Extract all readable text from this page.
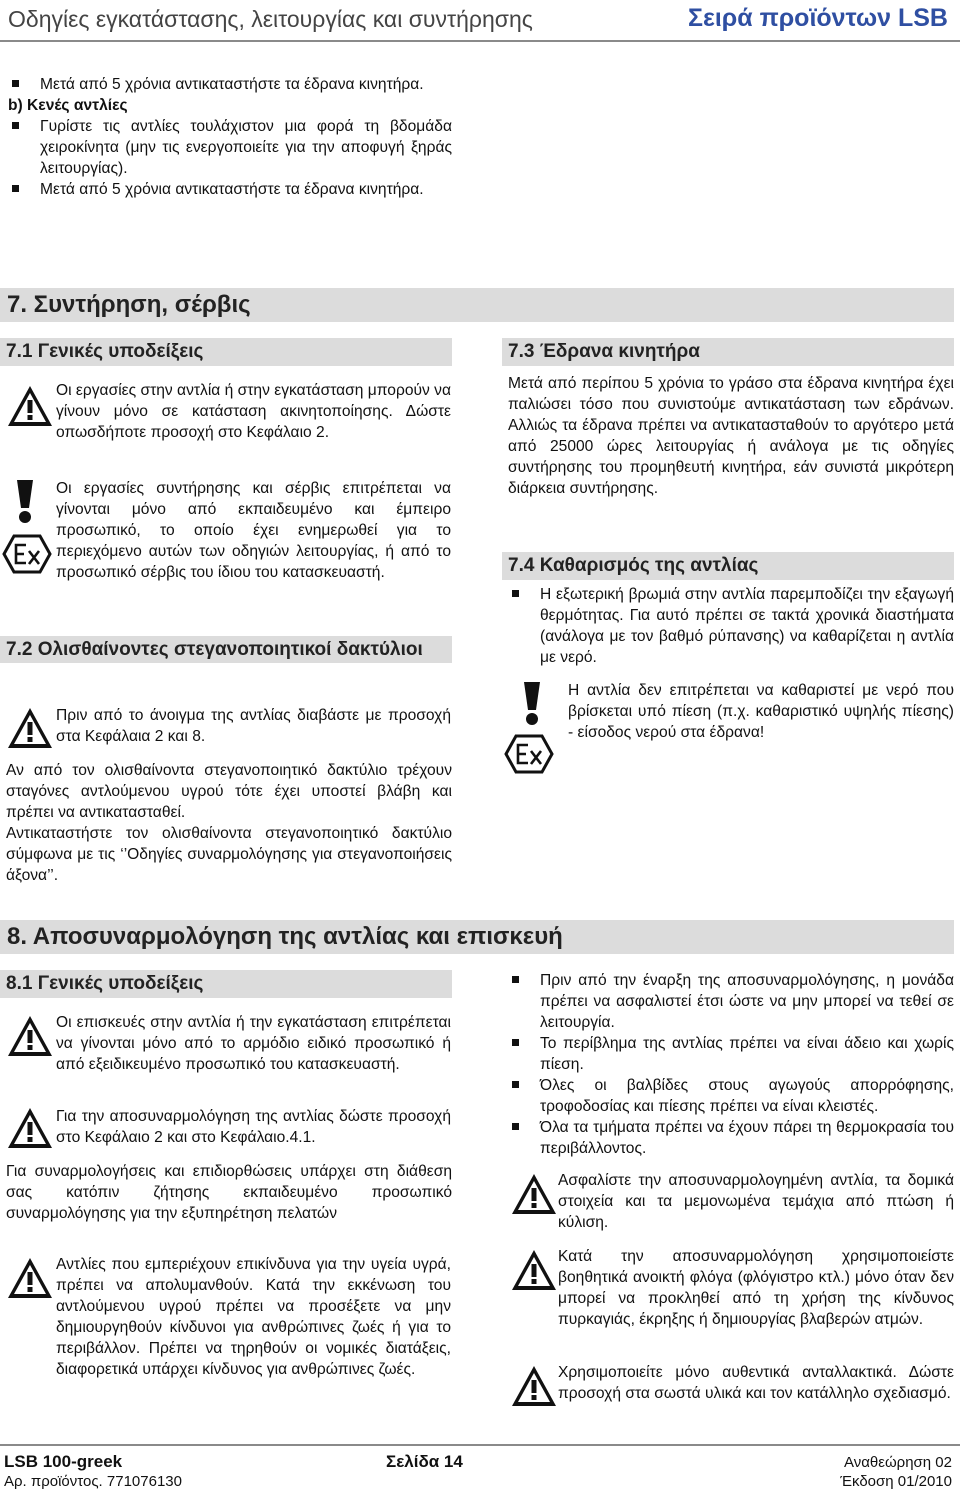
Οδηγίες εγκατάστασης, λειτουργίας και συντήρησης	Σειρά προϊόντων LSB
Μετά από 5 χρόνια αντικαταστήστε τα έδρανα κινητήρα.
b) Κενές αντλίες
Γυρίστε τις αντλίες τουλάχιστον μια φορά τη βδομάδα χειροκίνητα (μην τις ενεργοποιείτε για την αποφυγή ξηράς λειτουργίας).
Μετά από 5 χρόνια αντικαταστήστε τα έδρανα κινητήρα.
7. Συντήρηση, σέρβις
7.1 Γενικές υποδείξεις
Οι εργασίες στην αντλία ή στην εγκατάσταση μπορούν να γίνουν μόνο σε κατάσταση ακινητοποίησης. Δώστε οπωσδήποτε προσοχή στο Κεφάλαιο 2.
Οι εργασίες συντήρησης και σέρβις επιτρέπεται να γίνονται μόνο από εκπαιδευμένο και έμπειρο προσωπικό, το οποίο έχει ενημερωθεί για το περιεχόμενο αυτών των οδηγιών λειτουργίας, ή από το προσωπικό σέρβις του ίδιου του κατασκευαστή.
7.2 Ολισθαίνοντες στεγανοποιητικοί δακτύλιοι
Πριν από το άνοιγμα της αντλίας διαβάστε με προσοχή στα Κεφάλαια 2 και 8.
Αν από τον ολισθαίνοντα στεγανοποιητικό δακτύλιο τρέχουν σταγόνες αντλούμενου υγρού τότε έχει υποστεί βλάβη και πρέπει να αντικατασταθεί.
Αντικαταστήστε τον ολισθαίνοντα στεγανοποιητικό δακτύλιο σύμφωνα με τις ‘’Οδηγίες συναρμολόγησης για στεγανοποιήσεις άξονα’’.
7.3 Έδρανα κινητήρα
Μετά από περίπου 5 χρόνια το γράσο στα έδρανα κινητήρα έχει παλιώσει τόσο που συνιστούμε αντικατάσταση των εδράνων. Αλλιώς τα έδρανα πρέπει να αντικατασταθούν το αργότερο μετά από 25000 ώρες λειτουργίας ή ανάλογα με τις οδηγίες συντήρησης του προμηθευτή κινητήρα, εάν συνιστά μικρότερη διάρκεια συντήρησης.
7.4 Καθαρισμός της αντλίας
Η εξωτερική βρωμιά στην αντλία παρεμποδίζει την εξαγωγή θερμότητας. Για αυτό πρέπει σε τακτά χρονικά διαστήματα (ανάλογα με τον βαθμό ρύπανσης) να καθαρίζεται η αντλία με νερό.
Η αντλία δεν επιτρέπεται να καθαριστεί με νερό που βρίσκεται υπό πίεση (π.χ. καθαριστικό υψηλής πίεσης) - είσοδος νερού στα έδρανα!
8. Αποσυναρμολόγηση της αντλίας και επισκευή
8.1 Γενικές υποδείξεις
Οι επισκευές στην αντλία ή την εγκατάσταση επιτρέπεται να γίνονται μόνο από το αρμόδιο ειδικό προσωπικό ή από εξειδικευμένο προσωπικό του κατασκευαστή.
Για την αποσυναρμολόγηση της αντλίας δώστε προσοχή στο Κεφάλαιο 2 και στο Κεφάλαιο.4.1.
Για συναρμολογήσεις και επιδιορθώσεις υπάρχει στη διάθεση σας κατόπιν ζήτησης εκπαιδευμένο προσωπικό συναρμολόγησης για την εξυπηρέτηση πελατών
Αντλίες που εμπεριέχουν επικίνδυνα για την υγεία υγρά, πρέπει να απολυμανθούν. Κατά την εκκένωση του αντλούμενου υγρού πρέπει να προσέξετε να μην δημιουργηθούν κίνδυνοι για ανθρώπινες ζωές ή για το περιβάλλον. Πρέπει να τηρηθούν οι νομικές διατάξεις, διαφορετικά υπάρχει κίνδυνος για ανθρώπινες ζωές.
Πριν από την έναρξη της αποσυναρμολόγησης, η μονάδα πρέπει να ασφαλιστεί έτσι ώστε να μην μπορεί να τεθεί σε λειτουργία.
Το περίβλημα της αντλίας πρέπει να είναι άδειο και χωρίς πίεση.
Όλες οι βαλβίδες στους αγωγούς απορρόφησης, τροφοδοσίας και πίεσης πρέπει να είναι κλειστές.
Όλα τα τμήματα πρέπει να έχουν πάρει τη θερμοκρασία του περιβάλλοντος.
Ασφαλίστε την αποσυναρμολογημένη αντλία, τα δομικά στοιχεία και τα μεμονωμένα τεμάχια από πτώση ή κύλιση.
Κατά την αποσυναρμολόγηση χρησιμοποιείστε βοηθητικά ανοικτή φλόγα (φλόγιστρο κτλ.) μόνο όταν δεν μπορεί να προκληθεί από τη χρήση της κίνδυνος πυρκαγιάς, έκρηξης ή δημιουργίας βλαβερών ατμών.
Χρησιμοποιείτε μόνο αυθεντικά ανταλλακτικά. Δώστε προσοχή στα σωστά υλικά και τον κατάλληλο σχεδιασμό.
LSB 100-greek	Σελίδα 14	Αναθεώρηση 02
Αρ. προϊόντος. 771076130	Έκδοση 01/2010
